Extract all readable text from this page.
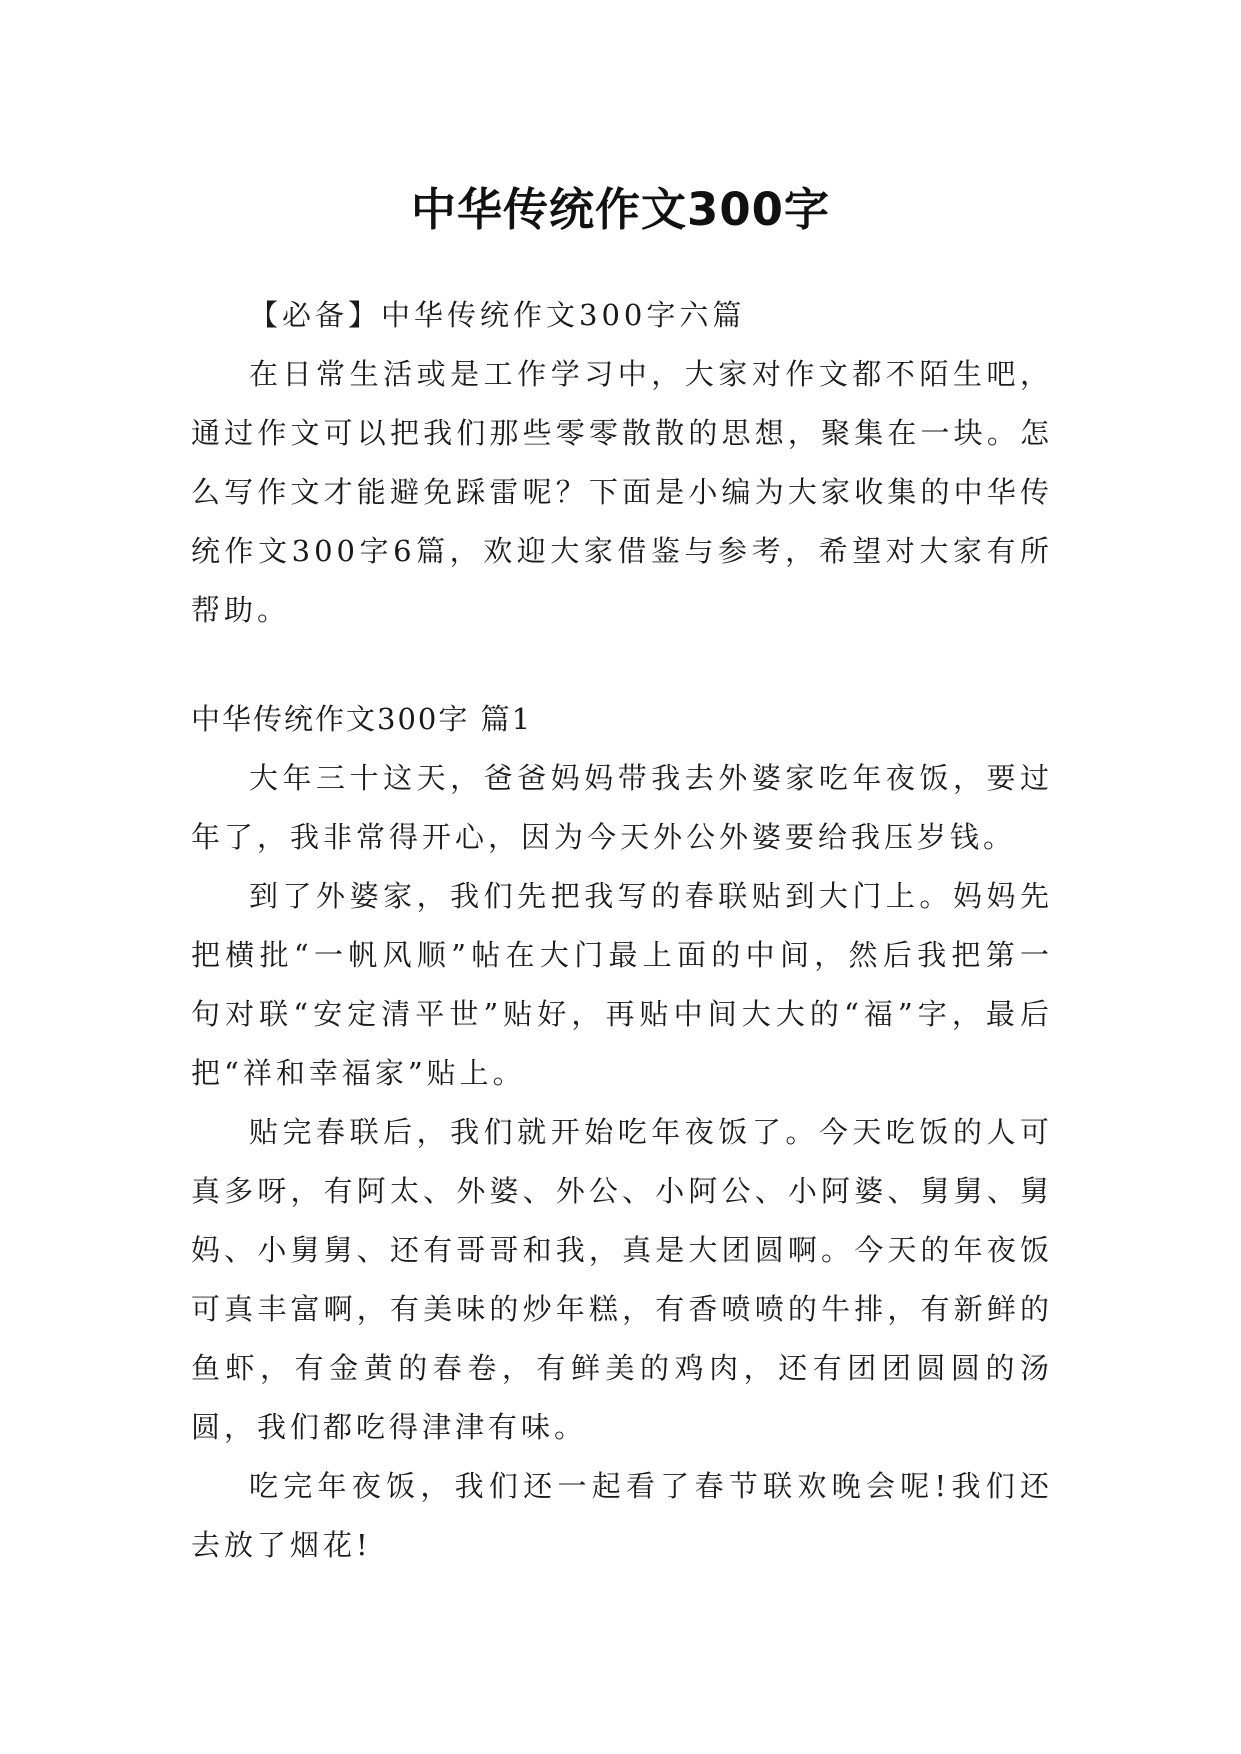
中华传统作文300字

【必备】中华传统作文300字六篇

在日常生活或是工作学习中，大家对作文都不陌生吧，通过作文可以把我们那些零零散散的思想，聚集在一块。怎么写作文才能避免踩雷呢？下面是小编为大家收集的中华传统作文300字6篇，欢迎大家借鉴与参考，希望对大家有所帮助。

中华传统作文300字 篇1

大年三十这天，爸爸妈妈带我去外婆家吃年夜饭，要过年了，我非常得开心，因为今天外公外婆要给我压岁钱。

到了外婆家，我们先把我写的春联贴到大门上。妈妈先把横批“一帆风顺”帖在大门最上面的中间，然后我把第一句对联“安定清平世”贴好，再贴中间大大的“福”字，最后把“祥和幸福家”贴上。

贴完春联后，我们就开始吃年夜饭了。今天吃饭的人可真多呀，有阿太、外婆、外公、小阿公、小阿婆、舅舅、舅妈、小舅舅、还有哥哥和我，真是大团圆啊。今天的年夜饭可真丰富啊，有美味的炒年糕，有香喷喷的牛排，有新鲜的鱼虾，有金黄的春卷，有鲜美的鸡肉，还有团团圆圆的汤圆，我们都吃得津津有味。

吃完年夜饭，我们还一起看了春节联欢晚会呢!我们还去放了烟花!
